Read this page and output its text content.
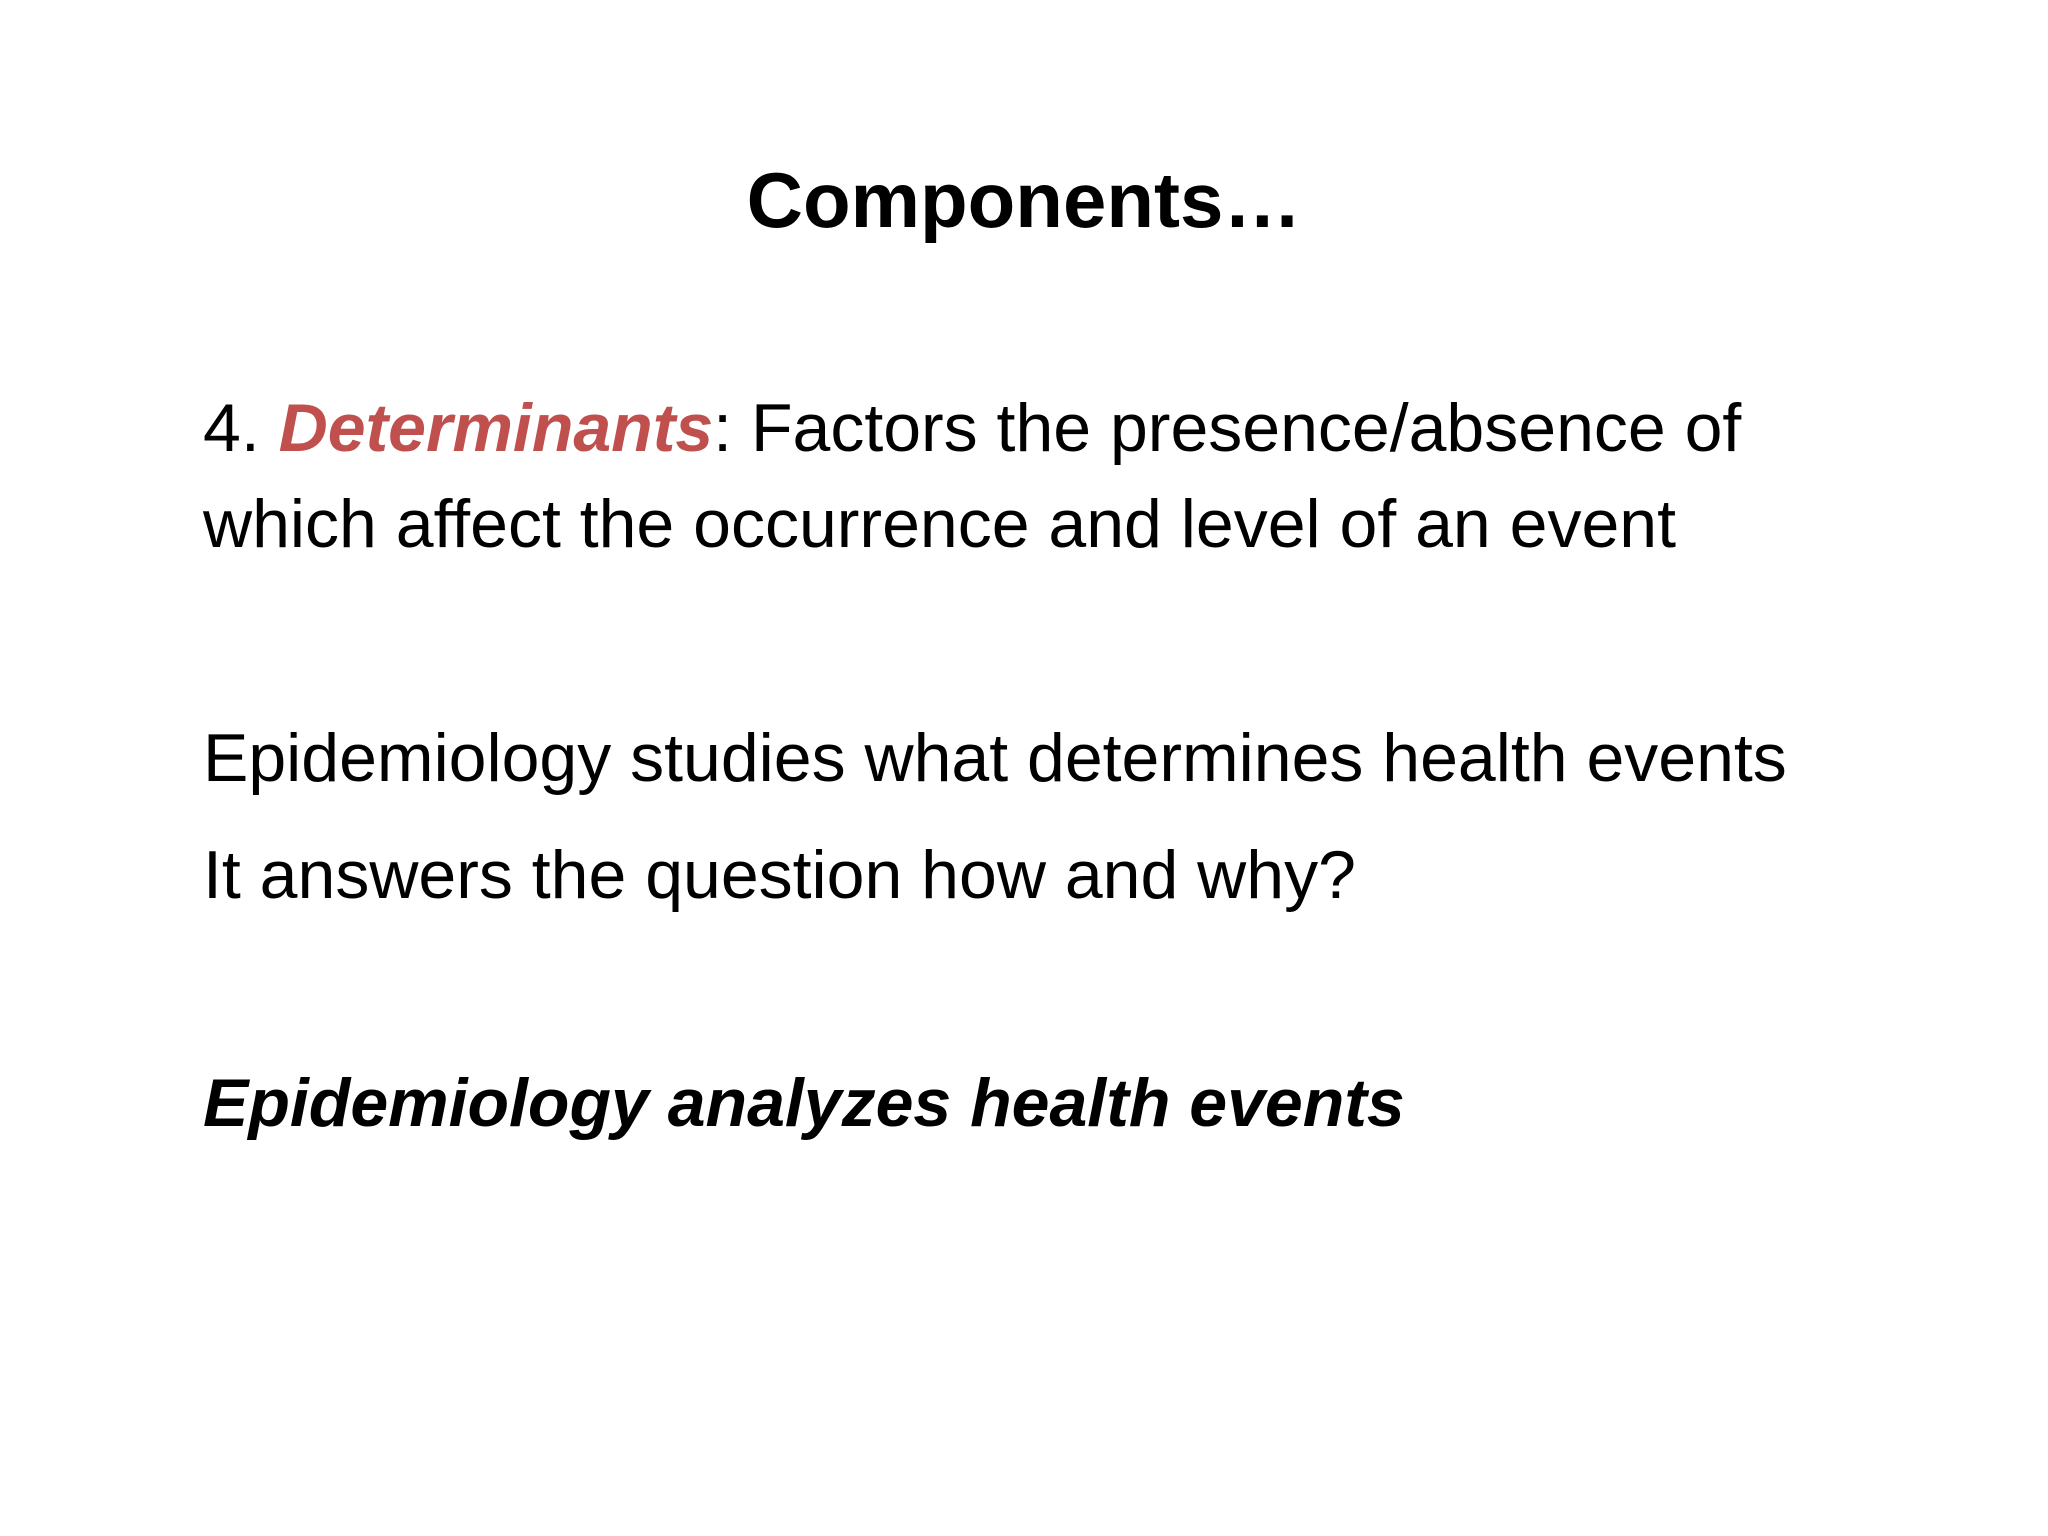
Components…
4. Determinants: Factors the presence/absence of
which affect the occurrence and level of an event
Epidemiology studies what determines health events
It answers the question how and why?
Epidemiology analyzes health events
